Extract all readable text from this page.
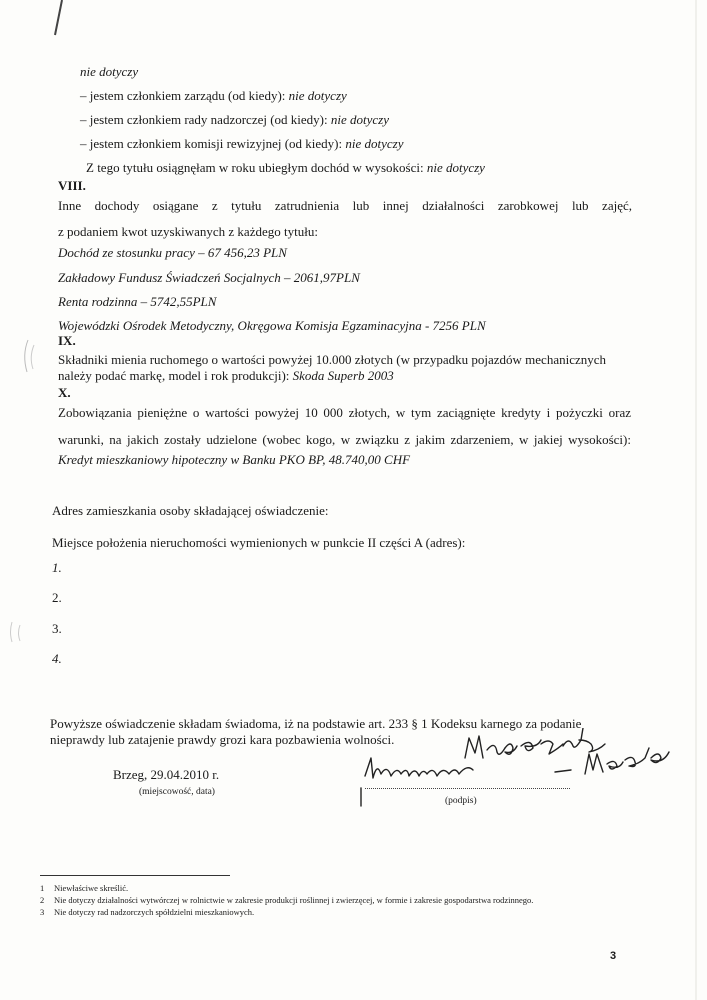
nie dotyczy
– jestem członkiem zarządu (od kiedy): nie dotyczy
– jestem członkiem rady nadzorczej (od kiedy): nie dotyczy
– jestem członkiem komisji rewizyjnej (od kiedy): nie dotyczy
Z tego tytułu osiągnęłam w roku ubiegłym dochód w wysokości: nie dotyczy
VIII.
Inne dochody osiągane z tytułu zatrudnienia lub innej działalności zarobkowej lub zajęć,
z podaniem kwot uzyskiwanych z każdego tytułu:
Dochód ze stosunku pracy – 67 456,23 PLN
Zakładowy Fundusz Świadczeń Socjalnych – 2061,97PLN
Renta rodzinna – 5742,55PLN
Wojewódzki Ośrodek Metodyczny, Okręgowa Komisja Egzaminacyjna - 7256 PLN
IX.
Składniki mienia ruchomego o wartości powyżej 10.000 złotych (w przypadku pojazdów mechanicznych
należy podać markę, model i rok produkcji): Skoda Superb 2003
X.
Zobowiązania pieniężne o wartości powyżej 10 000 złotych, w tym zaciągnięte kredyty i pożyczki oraz
warunki, na jakich zostały udzielone (wobec kogo, w związku z jakim zdarzeniem, w jakiej wysokości):
Kredyt mieszkaniowy hipoteczny w Banku PKO BP, 48.740,00 CHF
Adres zamieszkania osoby składającej oświadczenie:
Miejsce położenia nieruchomości wymienionych w punkcie II części A (adres):
1.
2.
3.
4.
Powyższe oświadczenie składam świadoma, iż na podstawie art. 233 § 1 Kodeksu karnego za podanie
nieprawdy lub zatajenie prawdy grozi kara pozbawienia wolności.
Brzeg, 29.04.2010 r.
(miejscowość, data)
(podpis)
1 Niewłaściwe skreślić.
2 Nie dotyczy działalności wytwórczej w rolnictwie w zakresie produkcji roślinnej i zwierzęcej, w formie i zakresie gospodarstwa rodzinnego.
3 Nie dotyczy rad nadzorczych spółdzielni mieszkaniowych.
3
